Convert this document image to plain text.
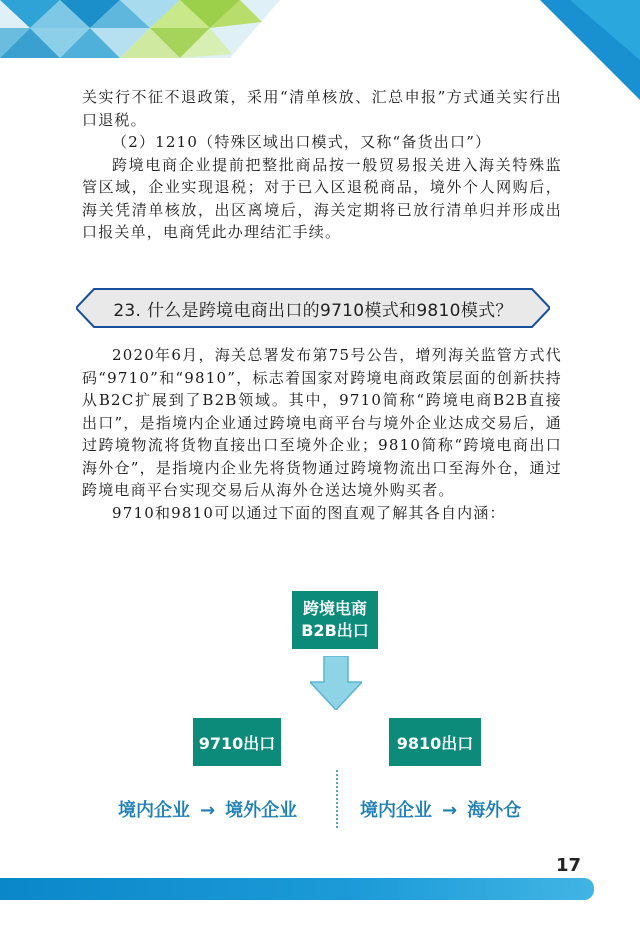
关实行不征不退政策，采用“清单核放、汇总申报”方式通关实行出口退税。

（2）1210（特殊区域出口模式，又称“备货出口”）

跨境电商企业提前把整批商品按一般贸易报关进入海关特殊监管区域，企业实现退税；对于已入区退税商品，境外个人网购后，海关凭清单核放，出区离境后，海关定期将已放行清单归并形成出口报关单，电商凭此办理结汇手续。

23. 什么是跨境电商出口的9710模式和9810模式？

2020年6月，海关总署发布第75号公告，增列海关监管方式代码“9710”和“9810”，标志着国家对跨境电商政策层面的创新扶持从B2C扩展到了B2B领域。其中，9710简称“跨境电商B2B直接出口”，是指境内企业通过跨境电商平台与境外企业达成交易后，通过跨境物流将货物直接出口至境外企业；9810简称“跨境电商出口海外仓”，是指境内企业先将货物通过跨境物流出口至海外仓，通过跨境电商平台实现交易后从海外仓送达境外购买者。

9710和9810可以通过下面的图直观了解其各自内涵：

跨境电商
B2B出口
9710出口	9810出口
境内企业 → 境外企业	境内企业 → 海外仓
17
